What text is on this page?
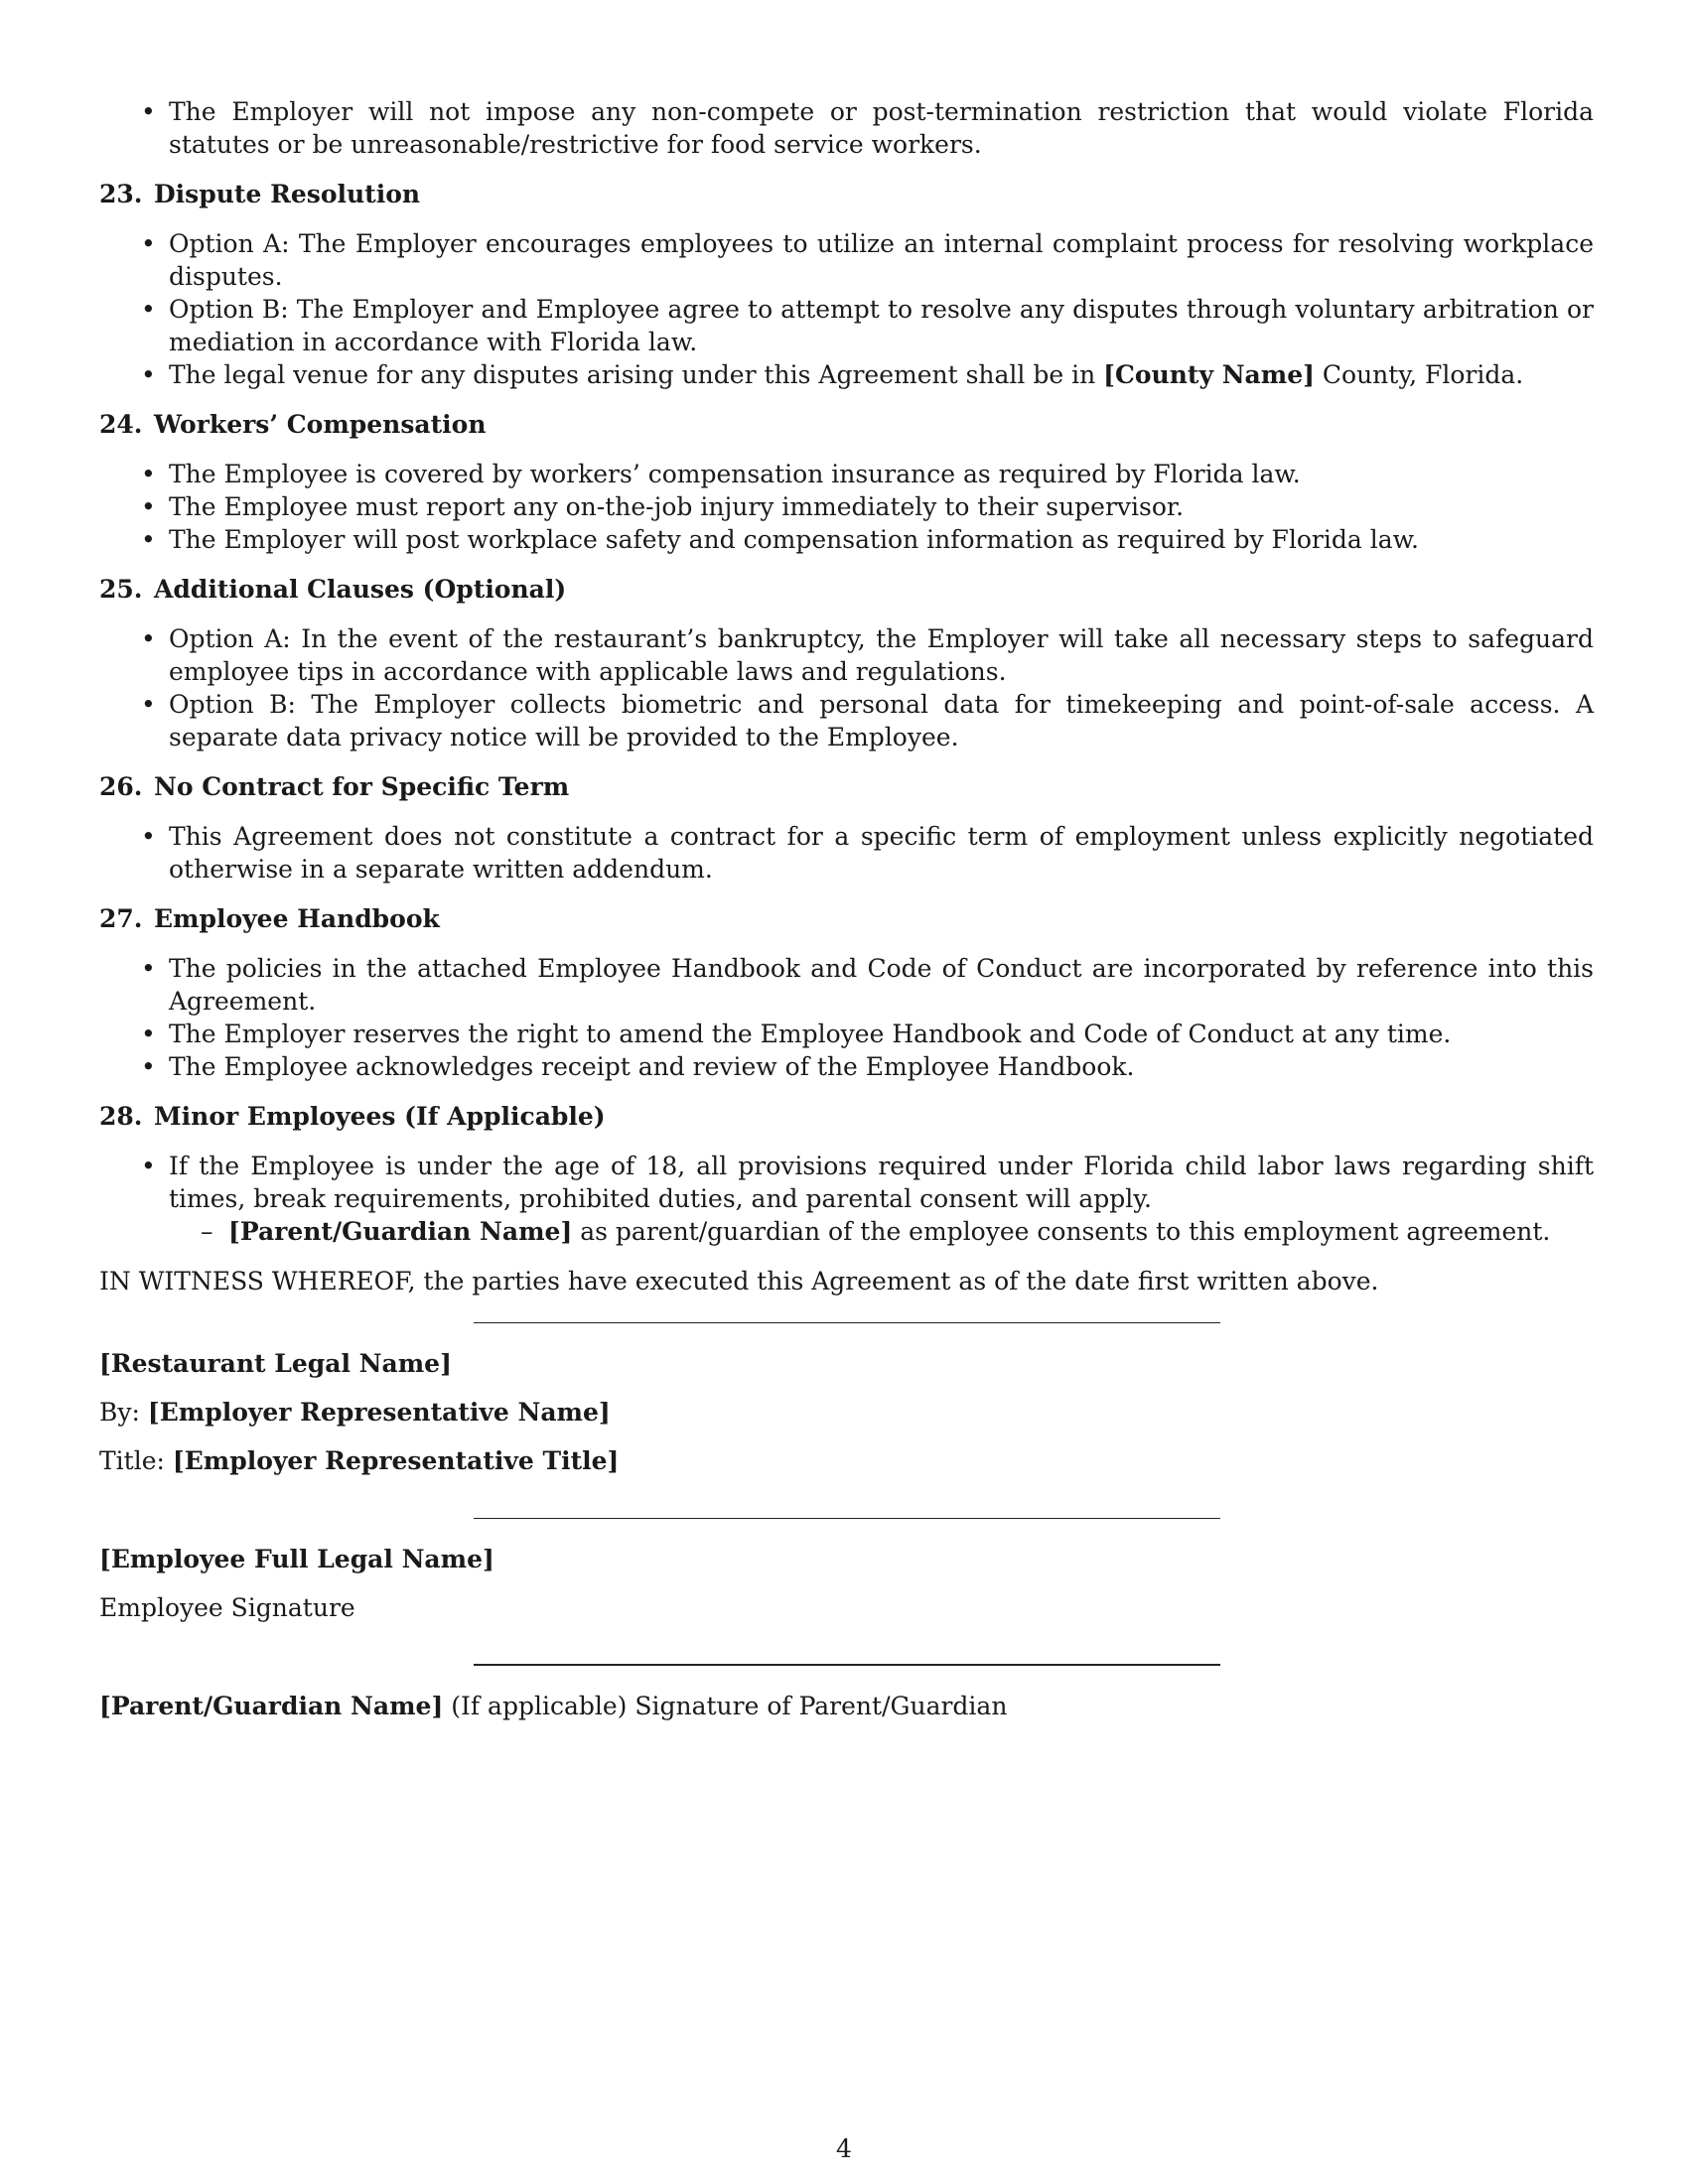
• The Employer will not impose any non-compete or post-termination restriction that would violate Florida statutes or be unreasonable/restrictive for food service workers.
23. Dispute Resolution
• Option A: The Employer encourages employees to utilize an internal complaint process for resolving workplace disputes.
• Option B: The Employer and Employee agree to attempt to resolve any disputes through voluntary arbitration or mediation in accordance with Florida law.
• The legal venue for any disputes arising under this Agreement shall be in [County Name] County, Florida.
24. Workers’ Compensation
• The Employee is covered by workers’ compensation insurance as required by Florida law.
• The Employee must report any on-the-job injury immediately to their supervisor.
• The Employer will post workplace safety and compensation information as required by Florida law.
25. Additional Clauses (Optional)
• Option A: In the event of the restaurant’s bankruptcy, the Employer will take all necessary steps to safeguard employee tips in accordance with applicable laws and regulations.
• Option B: The Employer collects biometric and personal data for timekeeping and point-of-sale access. A separate data privacy notice will be provided to the Employee.
26. No Contract for Specific Term
• This Agreement does not constitute a contract for a specific term of employment unless explicitly negotiated otherwise in a separate written addendum.
27. Employee Handbook
• The policies in the attached Employee Handbook and Code of Conduct are incorporated by reference into this Agreement.
• The Employer reserves the right to amend the Employee Handbook and Code of Conduct at any time.
• The Employee acknowledges receipt and review of the Employee Handbook.
28. Minor Employees (If Applicable)
• If the Employee is under the age of 18, all provisions required under Florida child labor laws regarding shift times, break requirements, prohibited duties, and parental consent will apply.
– [Parent/Guardian Name] as parent/guardian of the employee consents to this employment agreement.

IN WITNESS WHEREOF, the parties have executed this Agreement as of the date first written above.

[Restaurant Legal Name]

By: [Employer Representative Name]

Title: [Employer Representative Title]

[Employee Full Legal Name]

Employee Signature

[Parent/Guardian Name] (If applicable) Signature of Parent/Guardian

4
